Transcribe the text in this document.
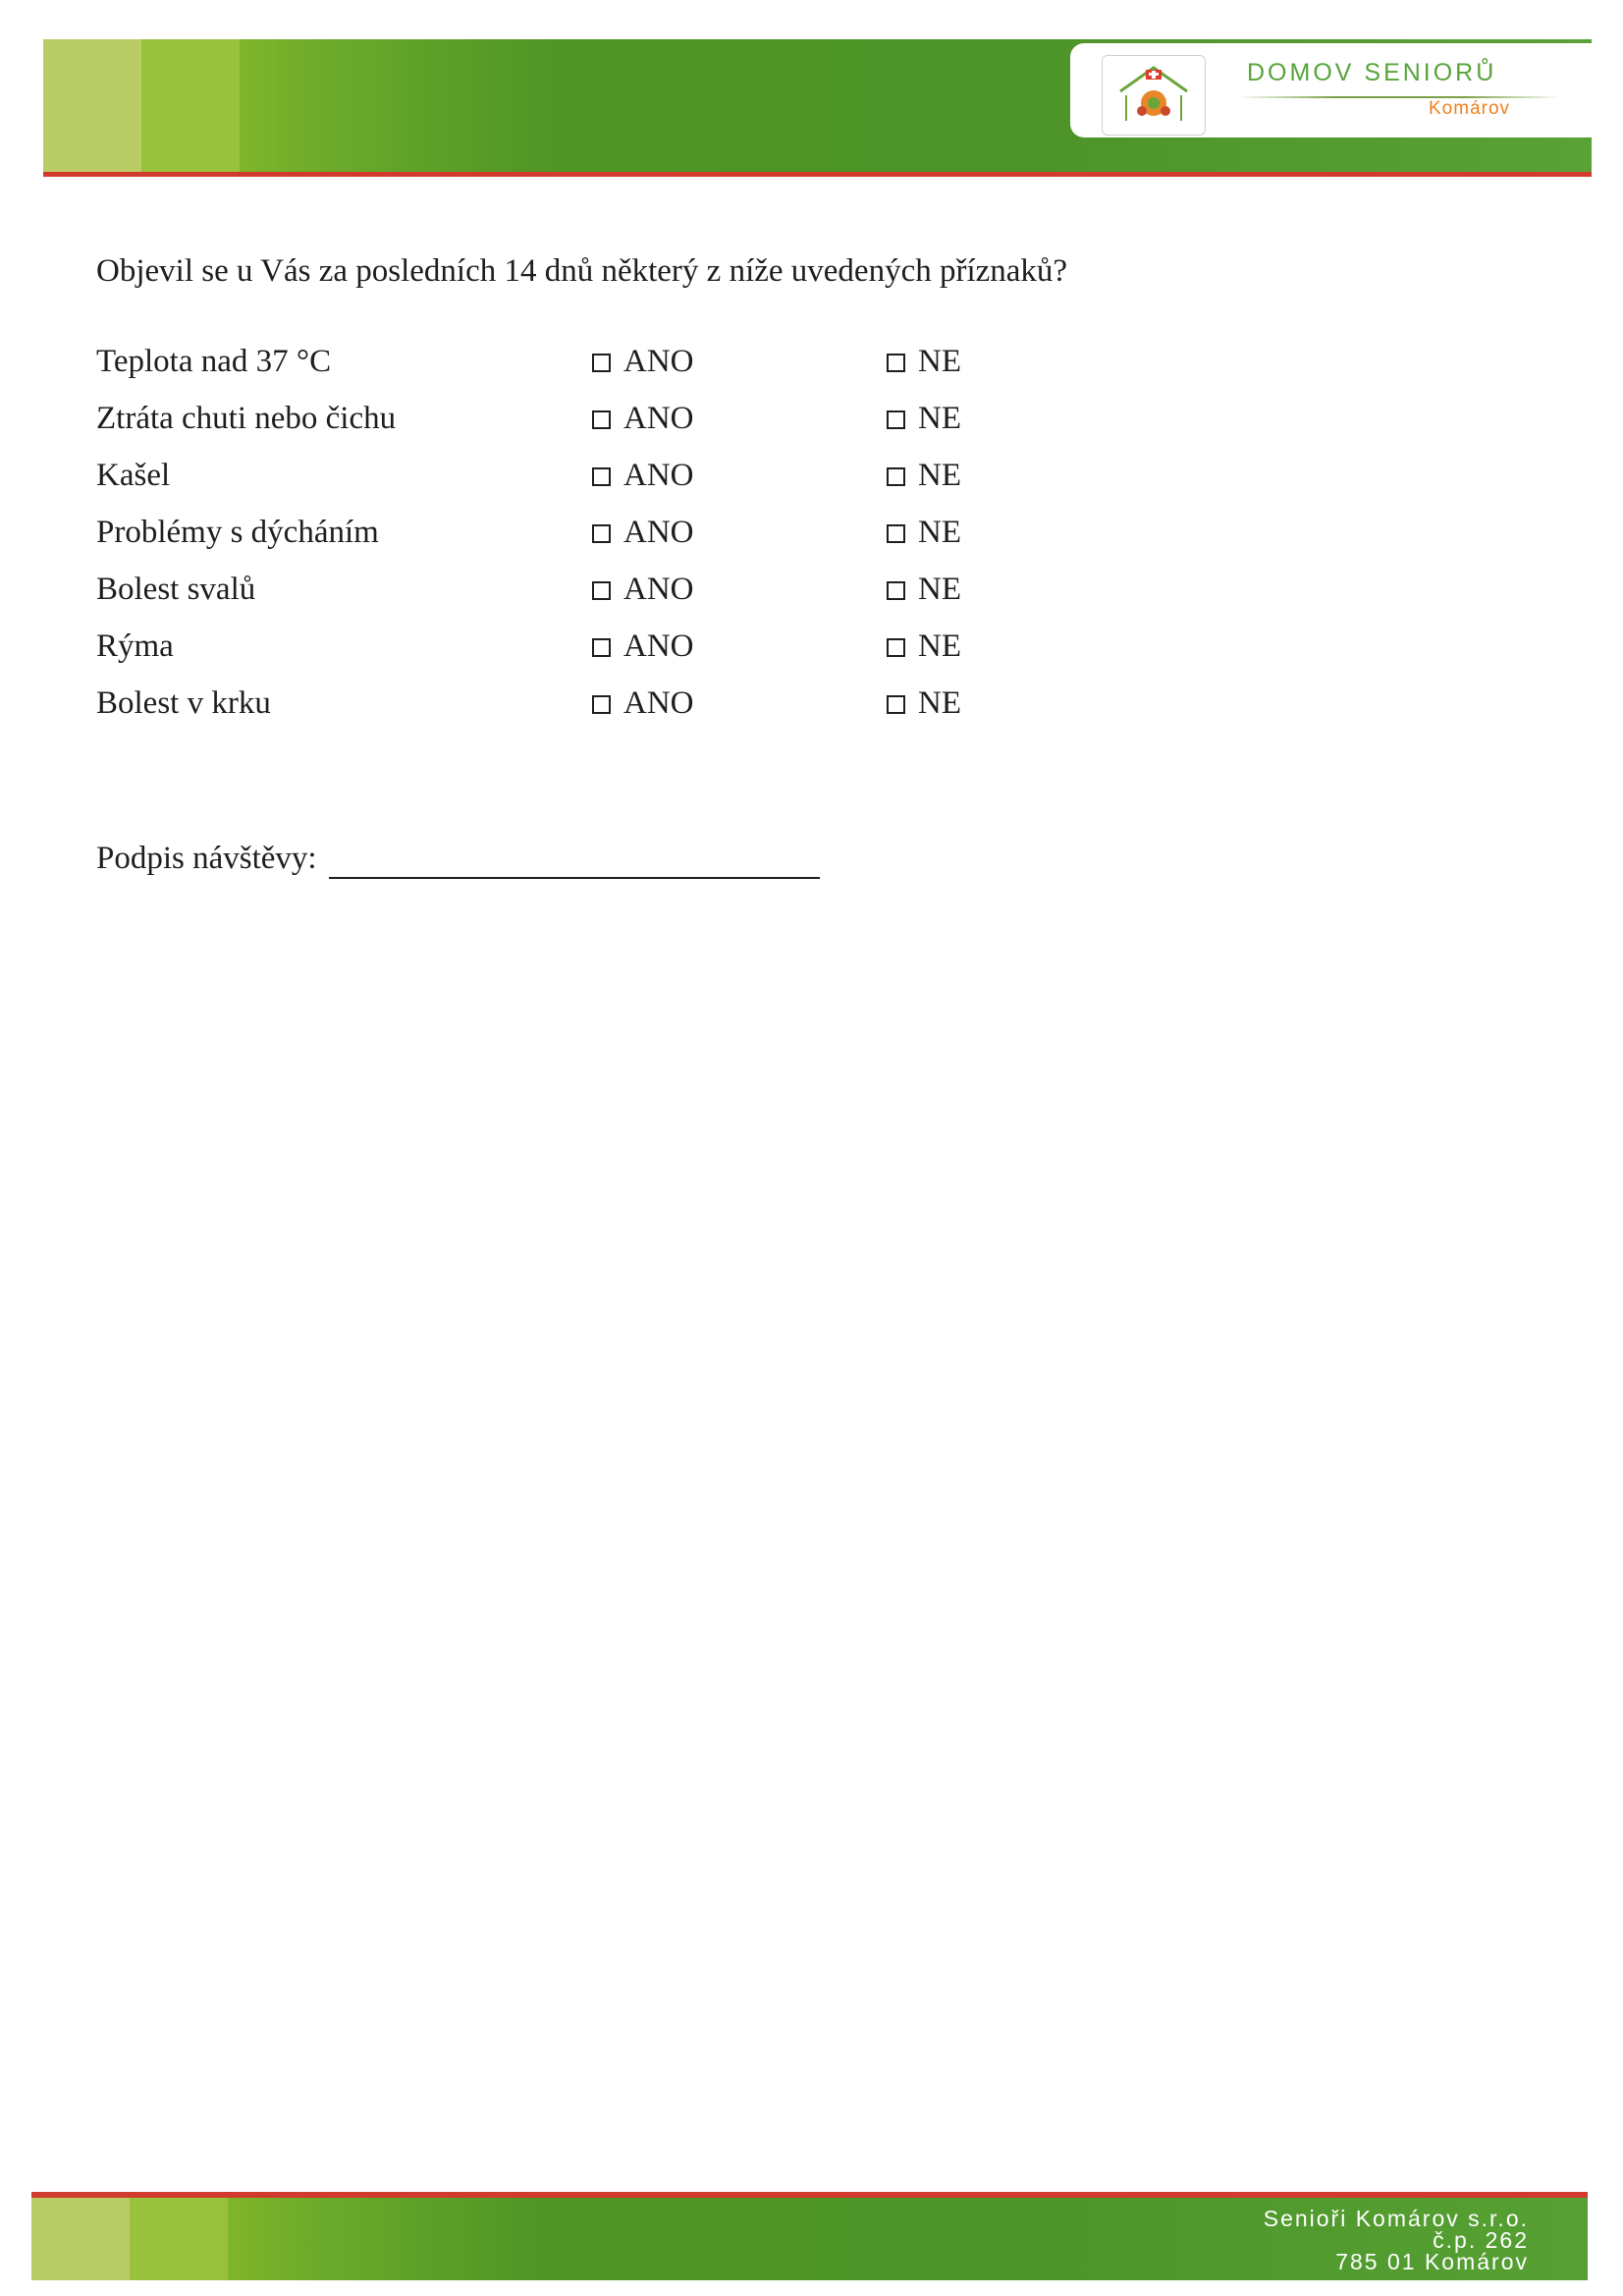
DOMOV SENIORŮ
Komárov
Objevil se u Vás za posledních 14 dnů některý z níže uvedených příznaků?
Teplota nad 37 °C	ANO	NE
Ztráta chuti nebo čichu	ANO	NE
Kašel	ANO	NE
Problémy s dýcháním	ANO	NE
Bolest svalů	ANO	NE
Rýma	ANO	NE
Bolest v krku	ANO	NE
Podpis návštěvy:
Senioři Komárov s.r.o.
č.p. 262
785 01 Komárov
